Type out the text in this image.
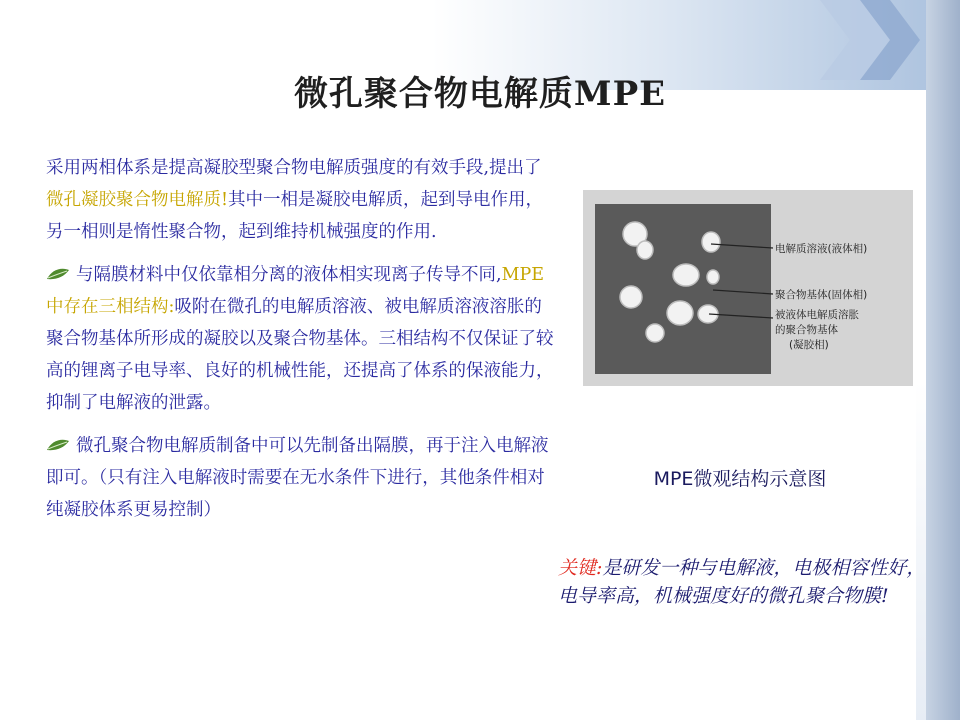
微孔聚合物电解质MPE

采用两相体系是提高凝胶型聚合物电解质强度的有效手段,提出了微孔凝胶聚合物电解质!其中一相是凝胶电解质，起到导电作用，另一相则是惰性聚合物，起到维持机械强度的作用.

与隔膜材料中仅依靠相分离的液体相实现离子传导不同,MPE中存在三相结构:吸附在微孔的电解质溶液、被电解质溶液溶胀的聚合物基体所形成的凝胶以及聚合物基体。三相结构不仅保证了较高的锂离子电导率、良好的机械性能，还提高了体系的保液能力，抑制了电解液的泄露。

微孔聚合物电解质制备中可以先制备出隔膜，再于注入电解液即可。（只有注入电解液时需要在无水条件下进行，其他条件相对纯凝胶体系更易控制）

电解质溶液(液体相)
聚合物基体(固体相)
被液体电解质溶胀
的聚合物基体
(凝胶相)
MPE微观结构示意图
关键:是研发一种与电解液，电极相容性好，电导率高，机械强度好的微孔聚合物膜!
